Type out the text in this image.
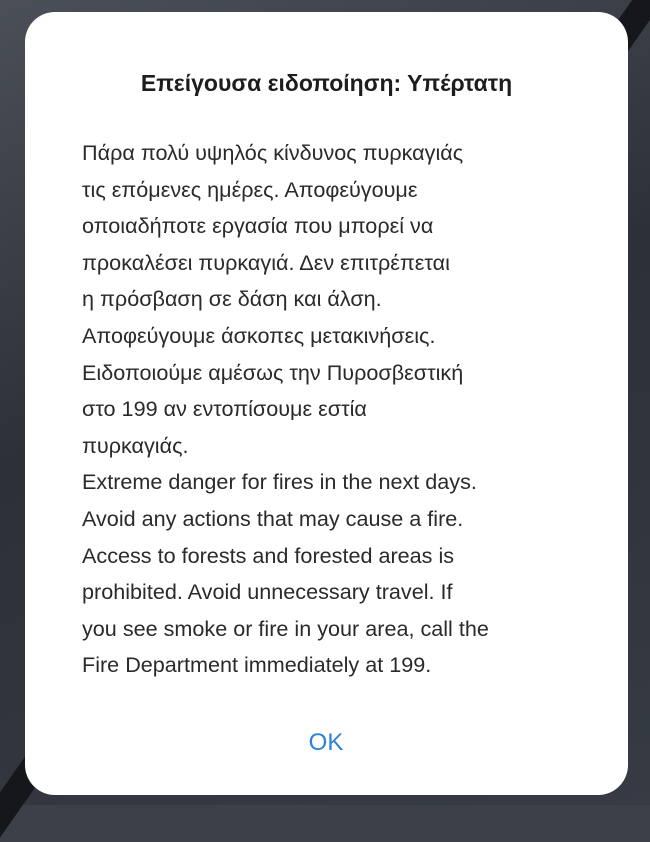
Επείγουσα ειδοποίηση: Υπέρτατη

Πάρα πολύ υψηλός κίνδυνος πυρκαγιάς
τις επόμενες ημέρες. Αποφεύγουμε
οποιαδήποτε εργασία που μπορεί να
προκαλέσει πυρκαγιά. Δεν επιτρέπεται
η πρόσβαση σε δάση και άλση.
Αποφεύγουμε άσκοπες μετακινήσεις.
Ειδοποιούμε αμέσως την Πυροσβεστική
στο 199 αν εντοπίσουμε εστία
πυρκαγιάς.
Extreme danger for fires in the next days.
Avoid any actions that may cause a fire.
Access to forests and forested areas is
prohibited. Avoid unnecessary travel. If
you see smoke or fire in your area, call the
Fire Department immediately at 199.

OK
